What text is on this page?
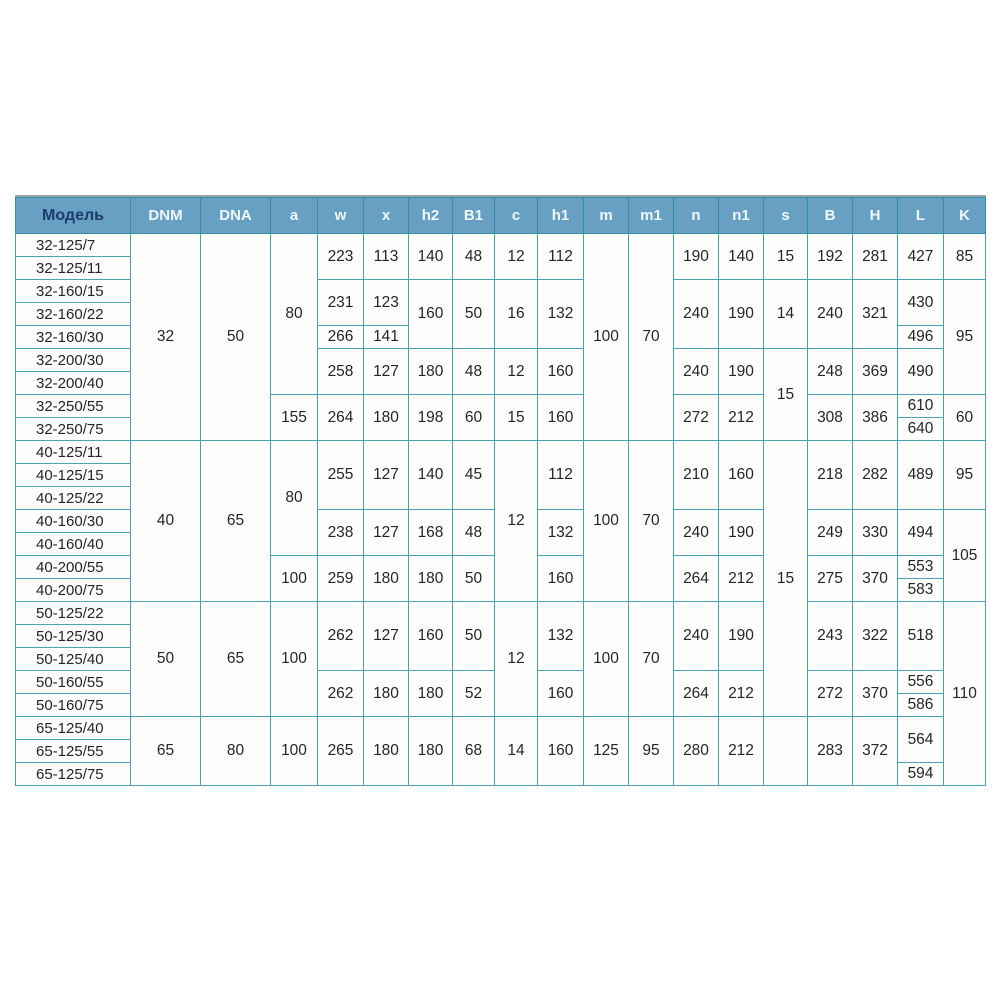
Модель	DNM	DNA	a	w	x	h2	B1	c	h1	m	m1	n	n1	s	B	H	L	K
32-125/7	32	50	80	223	113	140	48	12	112	100	70	190	140	15	192	281	427	85
32-125/11																		
32-160/15				231	123	160	50	16	132			240	190	14	240	321	430	95
32-160/22																		
32-160/30				266	141												496	
32-200/30				258	127	180	48	12	160			240	190	15	248	369	490	
32-200/40																		
32-250/55			155	264	180	198	60	15	160			272	212		308	386	610	60
32-250/75																	640	
40-125/11	40	65	80	255	127	140	45	12	112	100	70	210	160	15	218	282	489	95
40-125/15																		
40-125/22																		
40-160/30				238	127	168	48		132			240	190		249	330	494	105
40-160/40																		
40-200/55			100	259	180	180	50		160			264	212		275	370	553	
40-200/75																	583	
50-125/22	50	65	100	262	127	160	50	12	132	100	70	240	190		243	322	518	110
50-125/30																		
50-125/40																		
50-160/55				262	180	180	52		160			264	212		272	370	556	
50-160/75																	586	
65-125/40	65	80	100	265	180	180	68	14	160	125	95	280	212		283	372	564	
65-125/55																		
65-125/75																	594	
